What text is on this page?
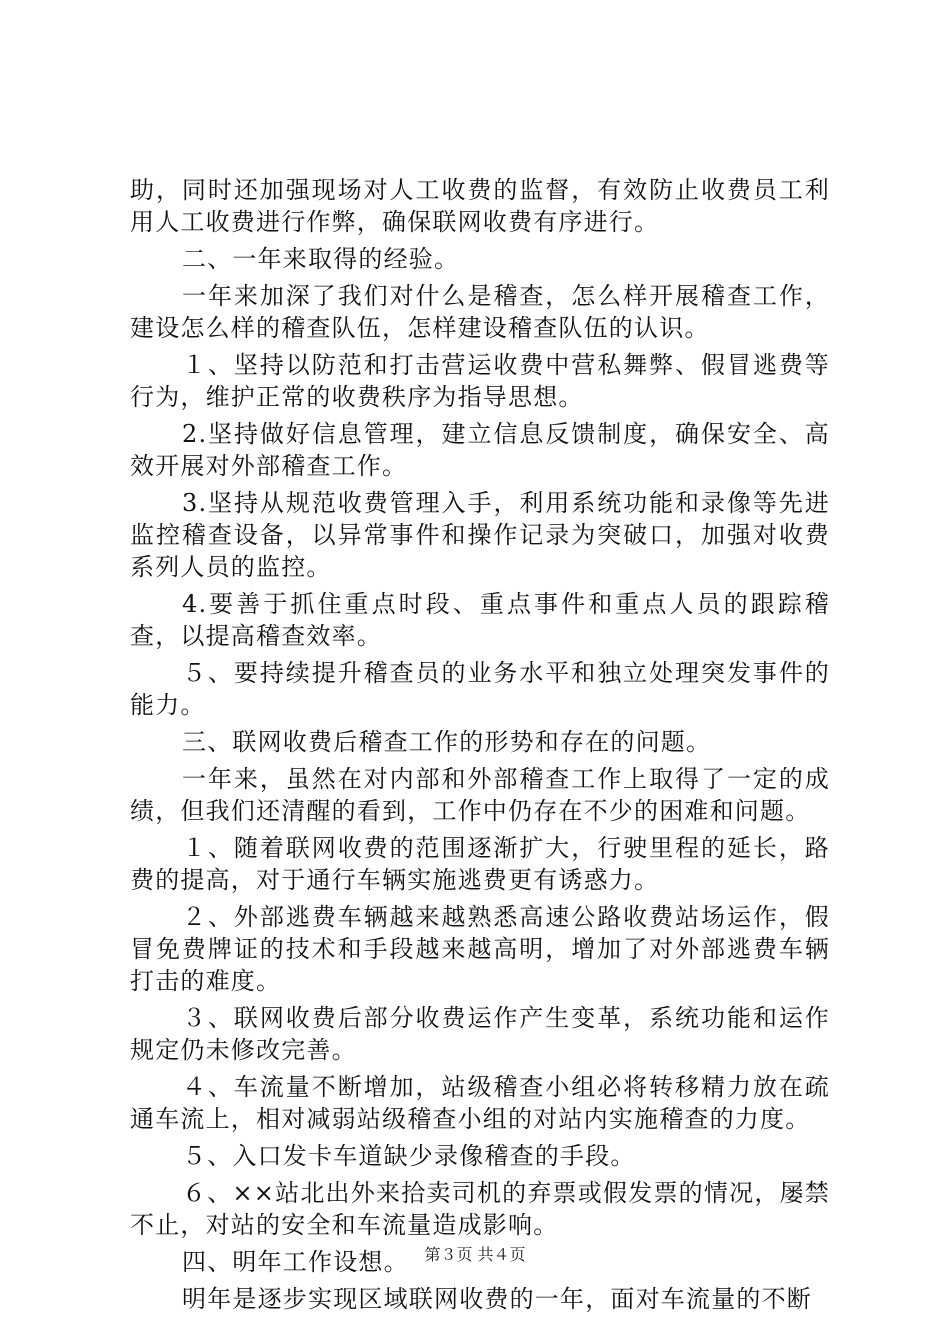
助，同时还加强现场对人工收费的监督，有效防止收费员工利用人工收费进行作弊，确保联网收费有序进行。

二、一年来取得的经验。

一年来加深了我们对什么是稽查，怎么样开展稽查工作，建设怎么样的稽查队伍，怎样建设稽查队伍的认识。

１、坚持以防范和打击营运收费中营私舞弊、假冒逃费等行为，维护正常的收费秩序为指导思想。

2.坚持做好信息管理，建立信息反馈制度，确保安全、高效开展对外部稽查工作。

3.坚持从规范收费管理入手，利用系统功能和录像等先进监控稽查设备，以异常事件和操作记录为突破口，加强对收费系列人员的监控。

4.要善于抓住重点时段、重点事件和重点人员的跟踪稽查，以提高稽查效率。

５、要持续提升稽查员的业务水平和独立处理突发事件的能力。

三、联网收费后稽查工作的形势和存在的问题。

一年来，虽然在对内部和外部稽查工作上取得了一定的成绩，但我们还清醒的看到，工作中仍存在不少的困难和问题。

１、随着联网收费的范围逐渐扩大，行驶里程的延长，路费的提高，对于通行车辆实施逃费更有诱惑力。

２、外部逃费车辆越来越熟悉高速公路收费站场运作，假冒免费牌证的技术和手段越来越高明，增加了对外部逃费车辆打击的难度。

３、联网收费后部分收费运作产生变革，系统功能和运作规定仍未修改完善。

４、车流量不断增加，站级稽查小组必将转移精力放在疏通车流上，相对减弱站级稽查小组的对站内实施稽查的力度。

５、入口发卡车道缺少录像稽查的手段。

６、××站北出外来拾卖司机的弃票或假发票的情况，屡禁不止，对站的安全和车流量造成影响。

四、明年工作设想。

明年是逐步实现区域联网收费的一年，面对车流量的不断

第３页 共４页
